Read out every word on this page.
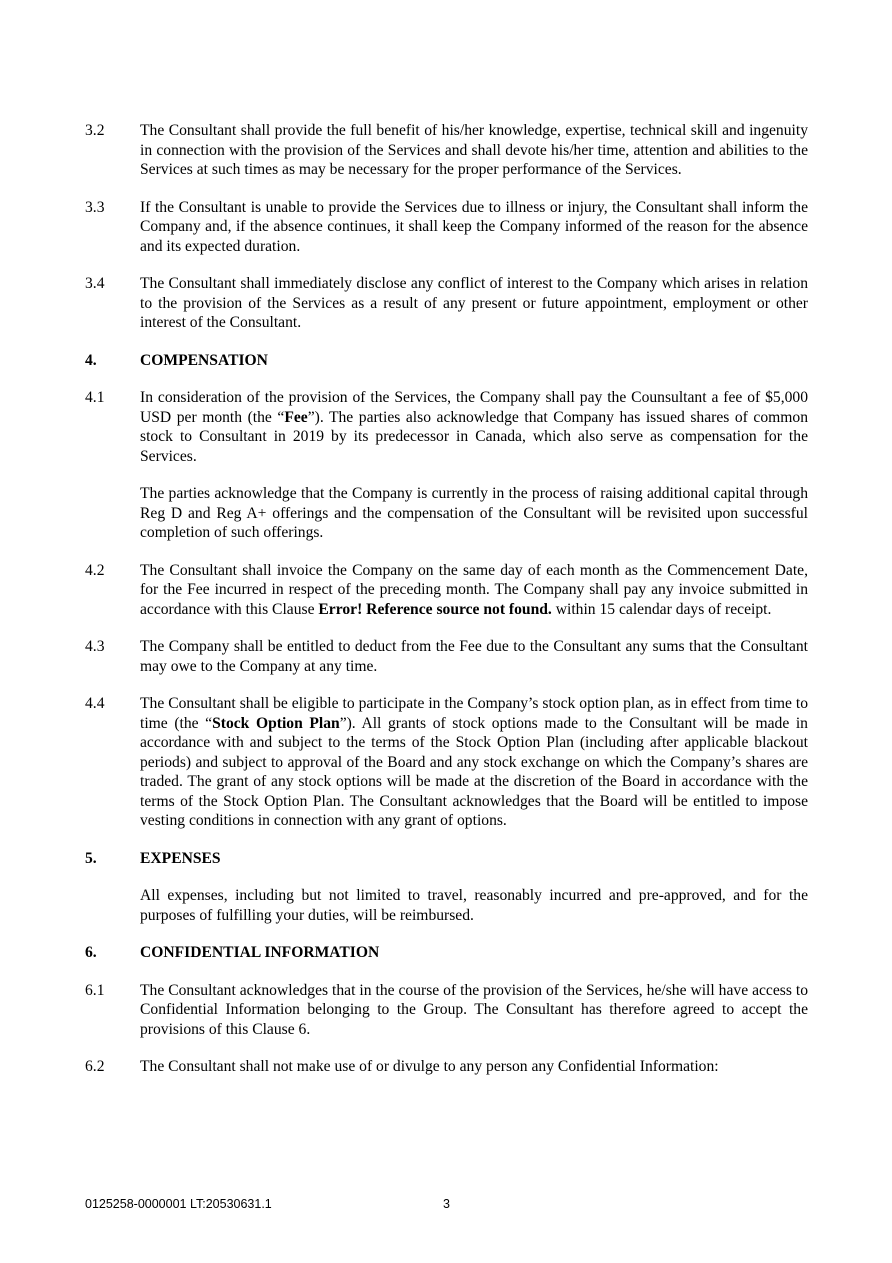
3.2	The Consultant shall provide the full benefit of his/her knowledge, expertise, technical skill and ingenuity in connection with the provision of the Services and shall devote his/her time, attention and abilities to the Services at such times as may be necessary for the proper performance of the Services.

3.3	If the Consultant is unable to provide the Services due to illness or injury, the Consultant shall inform the Company and, if the absence continues, it shall keep the Company informed of the reason for the absence and its expected duration.

3.4	The Consultant shall immediately disclose any conflict of interest to the Company which arises in relation to the provision of the Services as a result of any present or future appointment, employment or other interest of the Consultant.

4.	COMPENSATION

4.1	In consideration of the provision of the Services, the Company shall pay the Counsultant a fee of $5,000 USD per month (the “Fee”). The parties also acknowledge that Company has issued shares of common stock to Consultant in 2019 by its predecessor in Canada, which also serve as compensation for the Services.

The parties acknowledge that the Company is currently in the process of raising additional capital through Reg D and Reg A+ offerings and the compensation of the Consultant will be revisited upon successful completion of such offerings.

4.2	The Consultant shall invoice the Company on the same day of each month as the Commencement Date, for the Fee incurred in respect of the preceding month. The Company shall pay any invoice submitted in accordance with this Clause Error! Reference source not found. within 15 calendar days of receipt.

4.3	The Company shall be entitled to deduct from the Fee due to the Consultant any sums that the Consultant may owe to the Company at any time.

4.4	The Consultant shall be eligible to participate in the Company’s stock option plan, as in effect from time to time (the “Stock Option Plan”). All grants of stock options made to the Consultant will be made in accordance with and subject to the terms of the Stock Option Plan (including after applicable blackout periods) and subject to approval of the Board and any stock exchange on which the Company’s shares are traded. The grant of any stock options will be made at the discretion of the Board in accordance with the terms of the Stock Option Plan. The Consultant acknowledges that the Board will be entitled to impose vesting conditions in connection with any grant of options.

5.	EXPENSES

All expenses, including but not limited to travel, reasonably incurred and pre-approved, and for the purposes of fulfilling your duties, will be reimbursed.

6.	CONFIDENTIAL INFORMATION

6.1	The Consultant acknowledges that in the course of the provision of the Services, he/she will have access to Confidential Information belonging to the Group. The Consultant has therefore agreed to accept the provisions of this Clause 6.

6.2	The Consultant shall not make use of or divulge to any person any Confidential Information:

0125258-0000001 LT:20530631.1	3
